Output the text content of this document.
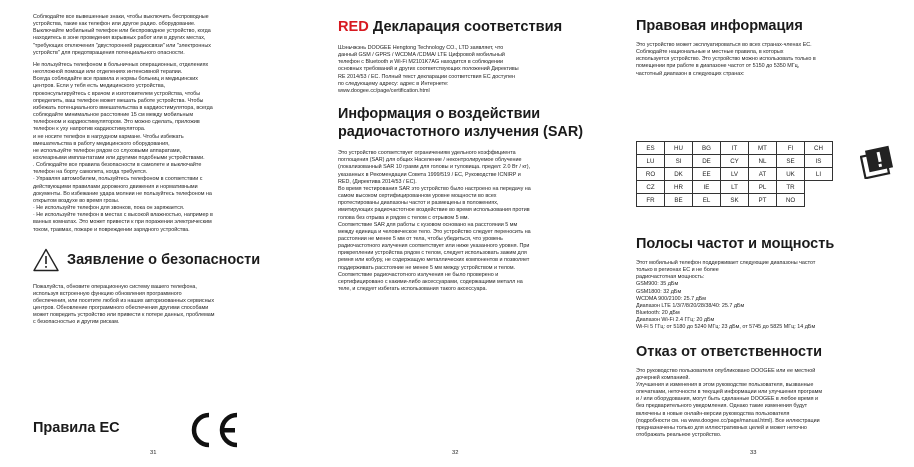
Соблюдайте все вывешенные знаки, чтобы выключить беспроводные
устройства, такие как телефон или другое радио. оборудование.
Выключайте мобильный телефон или беспроводное устройство, когда
находитесь в зоне проведения взрывных работ или в других местах,
"требующих отключения "двусторонней радиосвязи" или "электронных
устройств" для предотвращения потенциального опасности.

Не пользуйтесь телефоном в больничных операционных, отделениях
неотложной помощи или отделениях интенсивной терапии.
Всегда соблюдайте все правила и нормы больниц и медицинских
центров. Если у тебя есть медицинского устройства,
проконсультируйтесь с врачом и изготовителем устройства, чтобы
определить, ваш телефон может мешать работе устройства. Чтобы
избежать потенциального вмешательства в кардиостимулятора, всегда
соблюдайте минимальное расстояние 15 см между мобильным
телефоном и кардиостимулятором. Это можно сделать, приложив
телефон к уху напротив кардиостимулятора.
и не носите телефон в нагрудном кармане. Чтобы избежать
вмешательства в работу медицинского оборудования,
не используйте телефон рядом со слуховыми аппаратами,
кохлеарными имплантатами или другими подобными устройствами.
. Соблюдайте все правила безопасности в самолете и выключайте
телефон на борту самолета, когда требуется.
· Управляя автомобилем, пользуйтесь телефоном в соответствии с
действующими правилами дорожного движения и нормативными
документы. Во избежание удара молнии не пользуйтесь телефоном на
открытом воздухе во время грозы.
· Не используйте телефон для звонков, пока он заряжается.
· Не используйте телефон в местах с высокой влажностью, например в
ванных комнатах. Это может привести к при поражении электрическим
током, травмах, пожаре и повреждении зарядного устройства.

Заявление о безопасности

Пожалуйста, обновите операционную систему вашего телефона,
используя встроенную функцию обновления программного
обеспечения, или посетите любой из наших авторизованных сервисных
центров. Обновление программного обеспечения другими способами
может повредить устройство или привести к потере данных, проблемам
с безопасностью и другим рискам.

Правила ЕС
31
RED Декларация соответствия

Шэньчжэнь DOOGEE Hengtong Technology CO., LTD заявляет, что
данный GSM / GPRS / WCDMA /CDMA/ LTE Цифровой мобильный
телефон с Bluetooth и Wi-Fi M2101K7AG находится в соблюдении
основных требований и других соответствующих положений Директивы
RE 2014/53 / ЕС. Полный текст декларации соответствия ЕС доступен
по следующему адресу: адрес в Интернете:
www.doogee.cc/page/certification.html

Информация о воздействии
радиочастотного излучения (SAR)

Это устройство соответствует ограничениям удельного коэффициента
поглощения (SAR) для общих Население / неконтролируемое облучение
(локализованный SAR 10 грамм для головы и туловища. предел: 2.0 Вт / кг),
указанных в Рекомендации Совета 1999/519 / ЕС, Руководстве ICNIRP и
RED, (Директива 2014/53 / ЕС).
Во время тестирования SAR это устройство было настроено на передачу на
самом высоком сертифицированном уровне мощности во всех
протестированы диапазоны частот и размещены в положениях,
имитирующих радиочастотное воздействие во время использования против
голова без отрыва и рядом с телом с отрывом 5 мм.
Соответствие SAR для работы с кузовом основано на расстоянии 5 мм
между единица и человеческое тело. Это устройство следует переносить на
расстоянии не менее 5 мм от тела, чтобы убедиться, что уровень
радиочастотного излучения соответствует или ниже указанного уровня. При
прикреплении устройства рядом с телом, следует использовать зажим для
ремня или кобуру, не содержащую металлических компонентов и позволяет
поддерживать расстояние не менее 5 мм между устройством и телом.
Соответствие радиочастотного излучения не было проверено и
сертифицировано с какими-либо аксессуарами, содержащими металл на
теле, и следует избегать использования такого аксессуара.

32
Правовая информация

Это устройство может эксплуатироваться во всех странах-членах ЕС.
Соблюдайте национальные и местные правила, в которых
используется устройство. Это устройство можно использовать только в
помещении при работе в диапазоне частот от 5150 до 5350 МГц,
частотный диапазон в следующих странах:

ES	HU	BG	IT	MT	FI	CH
LU	SI	DE	CY	NL	SE	IS
RO	DK	EE	LV	AT	UK	LI
CZ	HR	IE	LT	PL	TR	
FR	BE	EL	SK	PT	NO	
Полосы частот и мощность

Этот мобильный телефон поддерживает следующие диапазоны частот
только в регионах ЕС и не более
радиочастотная мощность:
GSM900: 35 дБм
GSM1800: 32 дБм
WCDMA 900/2100: 25.7 дБм
Диапазон LTE 1/3/7/8/20/28/38/40: 25.7 дБм
Bluetooth: 20 дБм
Диапазон Wi-Fi 2.4 ГГц: 20 дБм
Wi-Fi 5 ГГц: от 5180 до 5240 МГц: 23 дБм, от 5745 до 5825 МГц: 14 дБм

Отказ от ответственности

Это руководство пользователя опубликовано DOOGEE или ее местной
дочерней компанией.
Улучшения и изменения в этом руководстве пользователя, вызванные
опечатками, неточности в текущей информации или улучшения программ
и / или оборудования, могут быть сделанные DOOGEE в любое время и
без предварительного уведомления. Однако такие изменения будут
включены в новые онлайн-версии руководства пользователя
(подробности см. на www.doogee.cc/page/manual.html). Все иллюстрации
предназначены только для иллюстративных целей и может неточно
отображать реальное устройство.

33
